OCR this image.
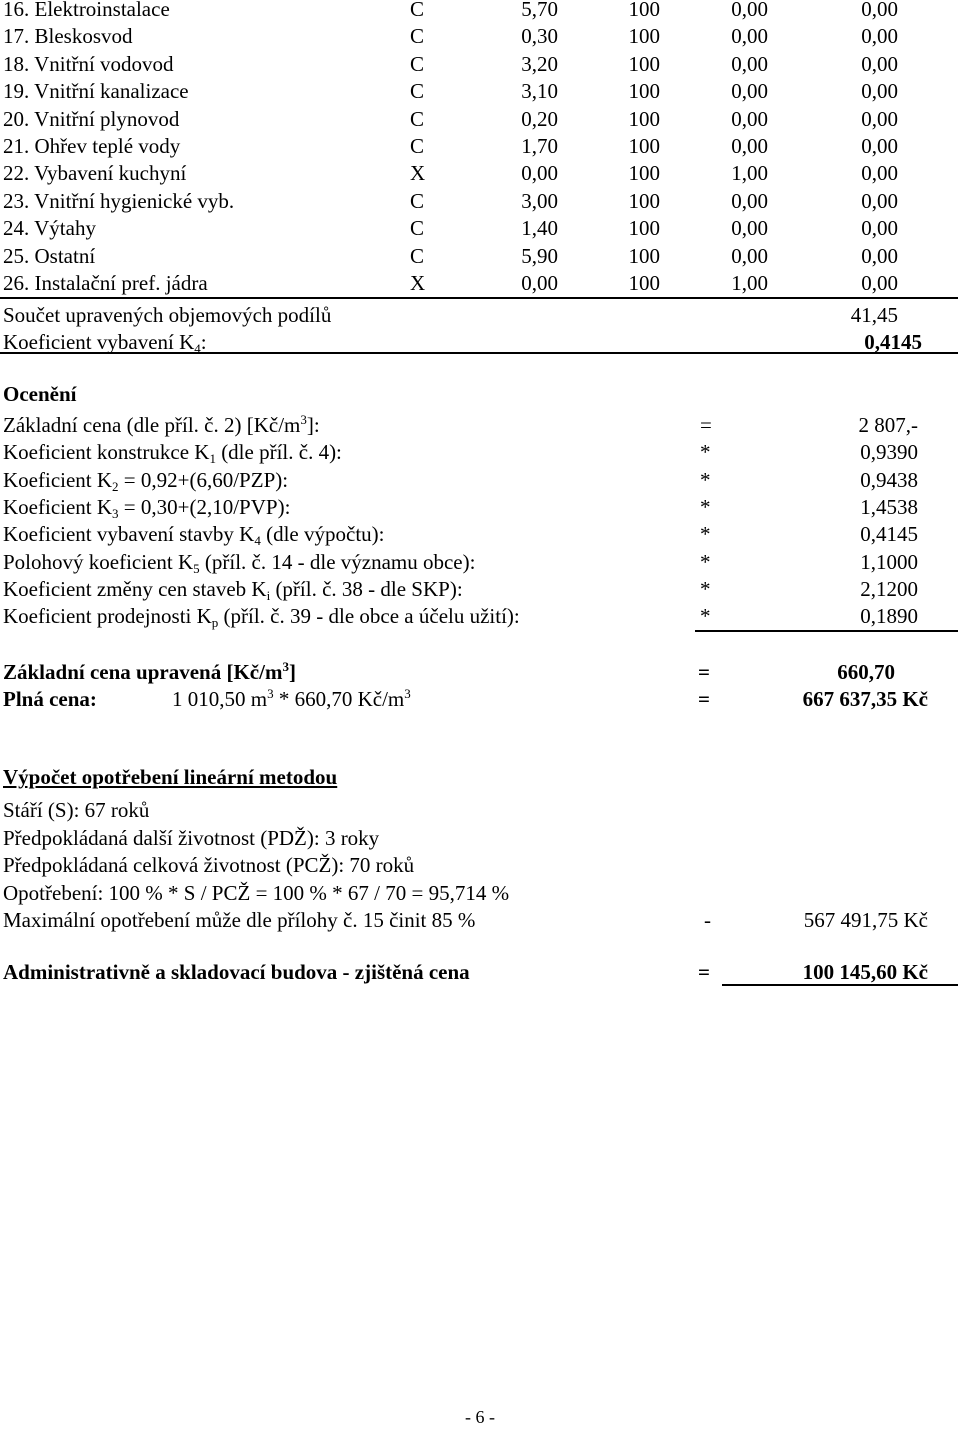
16. Elektroinstalace	C	5,70	100	0,00	0,00
17. Bleskosvod	C	0,30	100	0,00	0,00
18. Vnitřní vodovod	C	3,20	100	0,00	0,00
19. Vnitřní kanalizace	C	3,10	100	0,00	0,00
20. Vnitřní plynovod	C	0,20	100	0,00	0,00
21. Ohřev teplé vody	C	1,70	100	0,00	0,00
22. Vybavení kuchyní	X	0,00	100	1,00	0,00
23. Vnitřní hygienické vyb.	C	3,00	100	0,00	0,00
24. Výtahy	C	1,40	100	0,00	0,00
25. Ostatní	C	5,90	100	0,00	0,00
26. Instalační pref. jádra	X	0,00	100	1,00	0,00
Součet upravených objemových podílů	41,45
Koeficient vybavení $K_4$:	0,4145
Ocenění
Základní cena (dle příl. č. 2) $[Kč/m^3]$:	=	2 807,-
Koeficient konstrukce $K_1$ (dle příl. č. 4):	*	0,9390
Koeficient $K_2 = 0,92+(6,60/PZP)$:	*	0,9438
Koeficient $K_3 = 0,30+(2,10/PVP)$:	*	1,4538
Koeficient vybavení stavby $K_4$ (dle výpočtu):	*	0,4145
Polohový koeficient $K_5$ (příl. č. 14 - dle významu obce):	*	1,1000
Koeficient změny cen staveb $K_i$ (příl. č. 38 - dle SKP):	*	2,1200
Koeficient prodejnosti $K_p$ (příl. č. 39 - dle obce a účelu užití):	*	0,1890
Základní cena upravená $[Kč/m^3]$	=	660,70
Plná cena:	1 010,50 $m^3 * 660,70$ $Kč/m^3$	=	667 637,35 Kč
Výpočet opotřebení lineární metodou
Stáří (S): 67 roků
Předpokládaná další životnost (PDŽ): 3 roky
Předpokládaná celková životnost (PCŽ): 70 roků
Opotřebení: 100 % * S / PCŽ = 100 % * 67 / 70 = 95,714 %
Maximální opotřebení může dle přílohy č. 15 činit 85 %	-	567 491,75 Kč
Administrativně a skladovací budova - zjištěná cena	=	100 145,60 Kč
- 6 -
